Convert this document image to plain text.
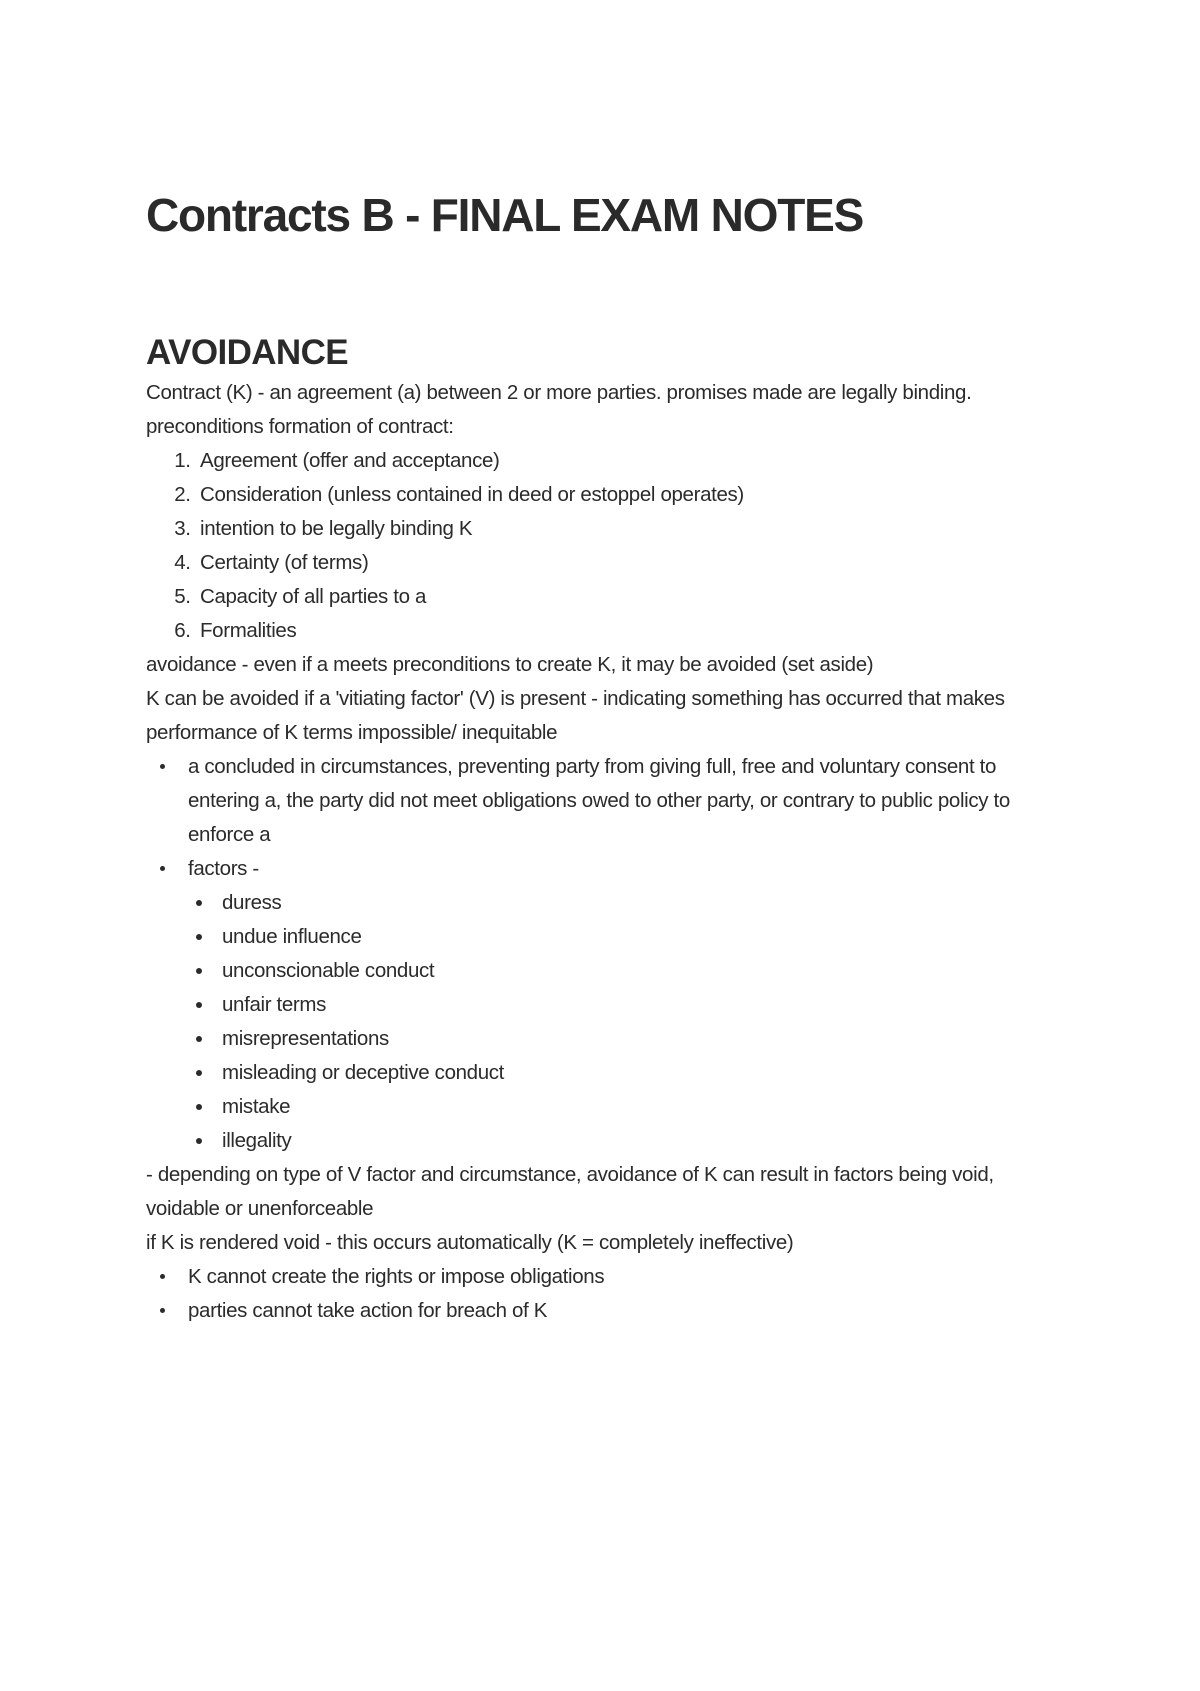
Contracts B - FINAL EXAM NOTES
AVOIDANCE

Contract (K) - an agreement (a) between 2 or more parties. promises made are legally binding.

preconditions formation of contract:

1. Agreement (offer and acceptance)
2. Consideration (unless contained in deed or estoppel operates)
3. intention to be legally binding K
4. Certainty (of terms)
5. Capacity of all parties to a
6. Formalities

avoidance - even if a meets preconditions to create K, it may be avoided (set aside)

K can be avoided if a 'vitiating factor' (V) is present - indicating something has occurred that makes performance of K terms impossible/ inequitable

a concluded in circumstances, preventing party from giving full, free and voluntary consent to entering a, the party did not meet obligations owed to other party, or contrary to public policy to enforce a
factors -
duress
undue influence
unconscionable conduct
unfair terms
misrepresentations
misleading or deceptive conduct
mistake
illegality

- depending on type of V factor and circumstance, avoidance of K can result in factors being void, voidable or unenforceable

if K is rendered void - this occurs automatically (K = completely ineffective)

K cannot create the rights or impose obligations
parties cannot take action for breach of K
